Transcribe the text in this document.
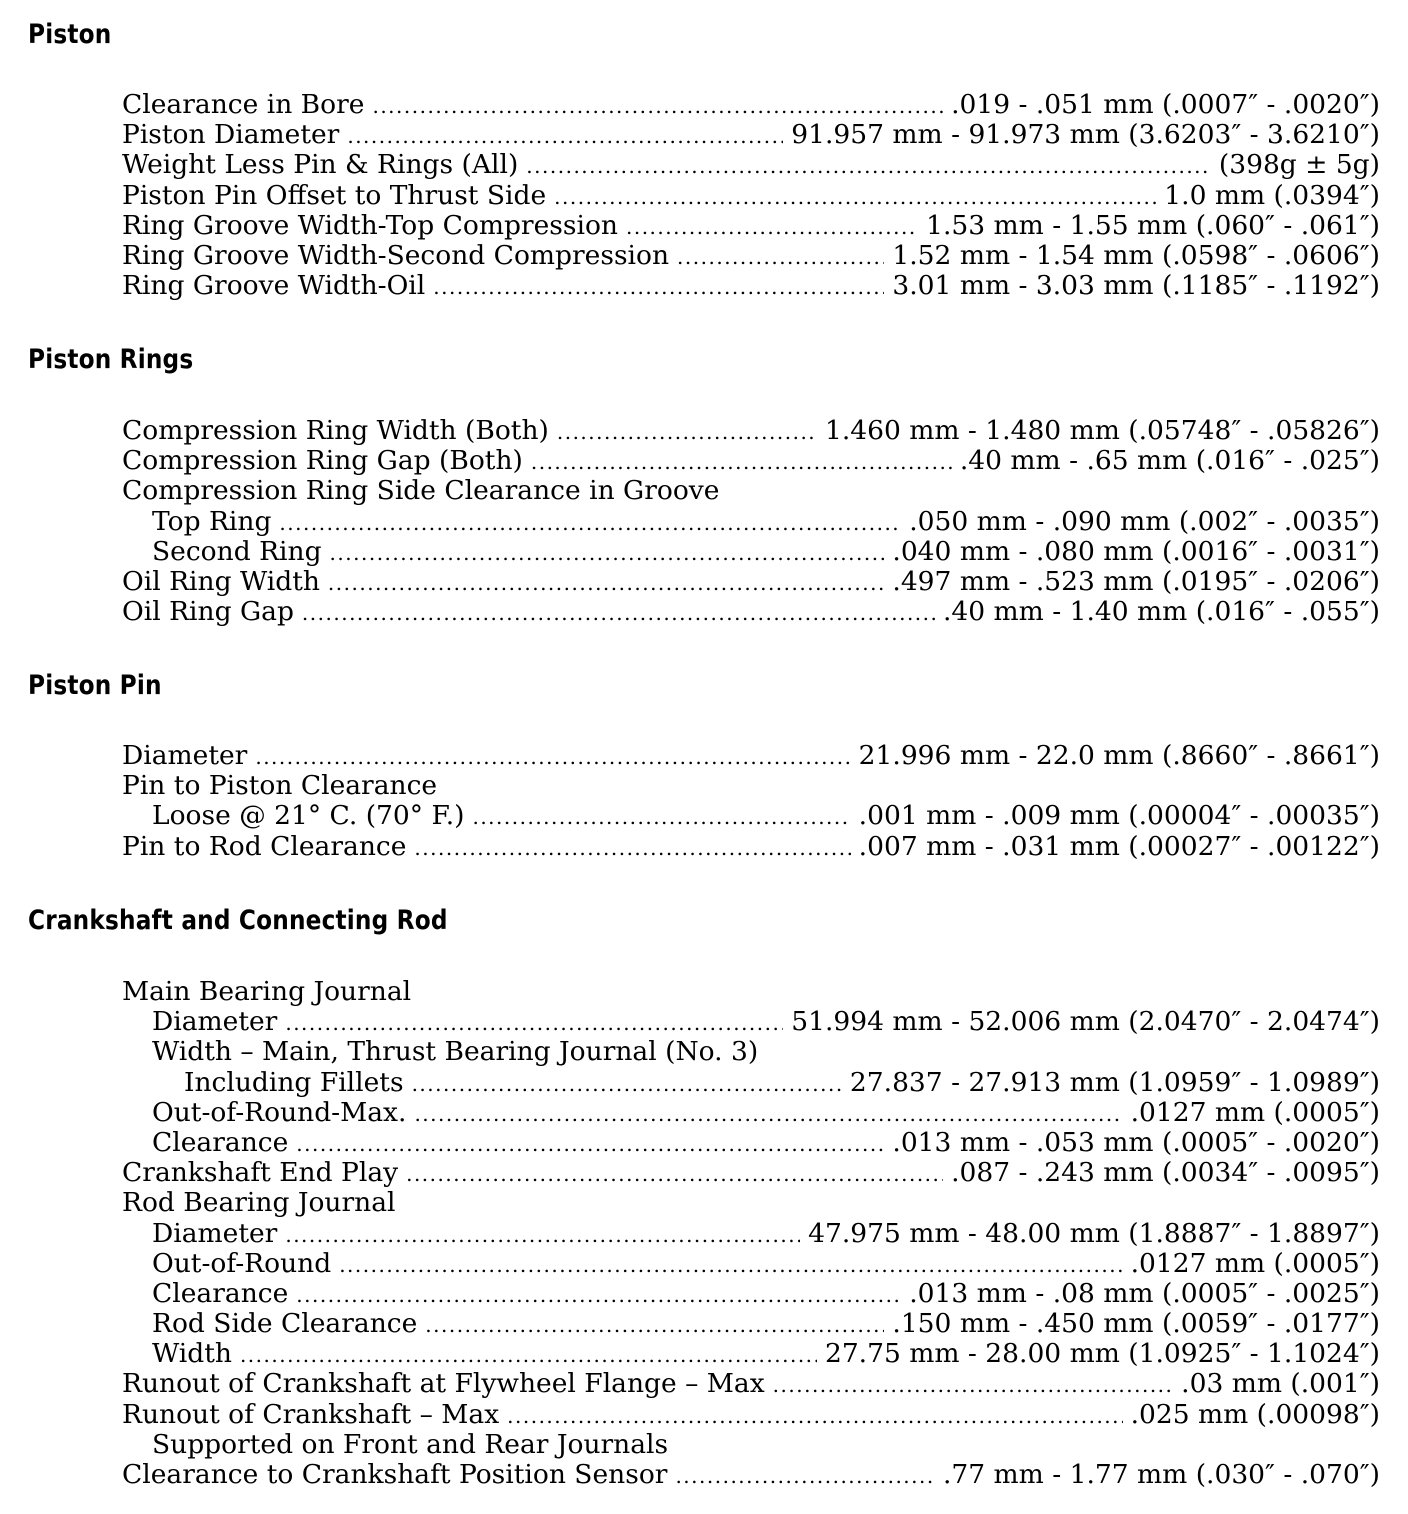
Piston
Clearance in Bore .....	.019 - .051 mm (.0007″ - .0020″)
Piston Diameter .....	91.957 mm - 91.973 mm (3.6203″ - 3.6210″)
Weight Less Pin & Rings (All) .....	(398g ± 5g)
Piston Pin Offset to Thrust Side .....	1.0 mm (.0394″)
Ring Groove Width-Top Compression .....	1.53 mm - 1.55 mm (.060″ - .061″)
Ring Groove Width-Second Compression .....	1.52 mm - 1.54 mm (.0598″ - .0606″)
Ring Groove Width-Oil .....	3.01 mm - 3.03 mm (.1185″ - .1192″)
Piston Rings
Compression Ring Width (Both) .....	1.460 mm - 1.480 mm (.05748″ - .05826″)
Compression Ring Gap (Both) .....	.40 mm - .65 mm (.016″ - .025″)
Compression Ring Side Clearance in Groove
Top Ring .....	.050 mm - .090 mm (.002″ - .0035″)
Second Ring .....	.040 mm - .080 mm (.0016″ - .0031″)
Oil Ring Width .....	.497 mm - .523 mm (.0195″ - .0206″)
Oil Ring Gap .....	.40 mm - 1.40 mm (.016″ - .055″)
Piston Pin
Diameter .....	21.996 mm - 22.0 mm (.8660″ - .8661″)
Pin to Piston Clearance
Loose @ 21° C. (70° F.) .....	.001 mm - .009 mm (.00004″ - .00035″)
Pin to Rod Clearance .....	.007 mm - .031 mm (.00027″ - .00122″)
Crankshaft and Connecting Rod
Main Bearing Journal
Diameter .....	51.994 mm - 52.006 mm (2.0470″ - 2.0474″)
Width – Main, Thrust Bearing Journal (No. 3)
Including Fillets .....	27.837 - 27.913 mm (1.0959″ - 1.0989″)
Out-of-Round-Max. .....	.0127 mm (.0005″)
Clearance .....	.013 mm - .053 mm (.0005″ - .0020″)
Crankshaft End Play .....	.087 - .243 mm (.0034″ - .0095″)
Rod Bearing Journal
Diameter .....	47.975 mm - 48.00 mm (1.8887″ - 1.8897″)
Out-of-Round .....	.0127 mm (.0005″)
Clearance .....	.013 mm - .08 mm (.0005″ - .0025″)
Rod Side Clearance .....	.150 mm - .450 mm (.0059″ - .0177″)
Width .....	27.75 mm - 28.00 mm (1.0925″ - 1.1024″)
Runout of Crankshaft at Flywheel Flange – Max .....	.03 mm (.001″)
Runout of Crankshaft – Max .....	.025 mm (.00098″)
Supported on Front and Rear Journals
Clearance to Crankshaft Position Sensor .....	.77 mm - 1.77 mm (.030″ - .070″)
